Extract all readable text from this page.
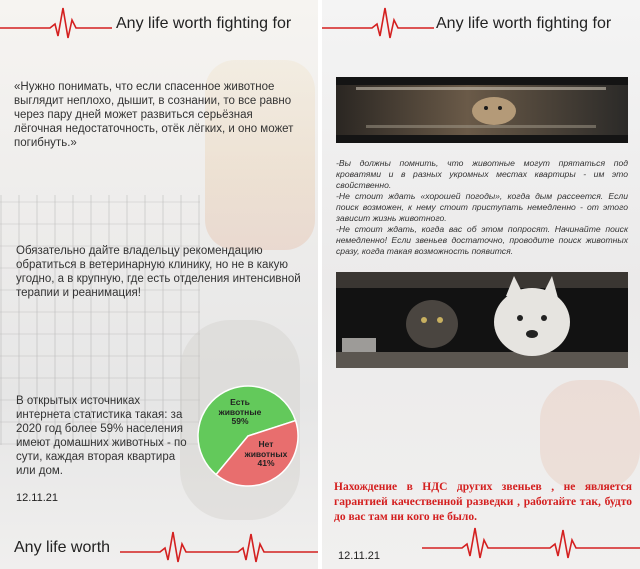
Any life worth fighting for
«Нужно понимать, что если спасенное животное выглядит неплохо, дышит, в сознании, то все равно через пару дней может развиться серьёзная лёгочная недостаточность, отёк лёгких, и оно может погибнуть.»
Обязательно дайте владельцу рекомендацию обратиться в ветеринарную клинику, но не в какую угодно, а в крупную, где есть отделения интенсивной терапии и реанимация!
В открытых источниках интернета статистика такая: за 2020 год более 59% населения имеют домашних животных - по сути, каждая вторая квартира или дом.
Есть животные
59%
Нет животных
41%
12.11.21
Any life worth
Any life worth fighting for

-Вы должны помнить, что животные могут прятаться под кроватями и в разных укромных местах квартиры - им это свойственно.

-Не стоит ждать «хорошей погоды», когда дым рассеется. Если поиск возможен, к нему стоит приступать немедленно - от этого зависит жизнь животного.

-Не стоит ждать, когда вас об этом попросят. Начинайте поиск немедленно! Если звеньев достаточно, проводите поиск животных сразу, когда такая возможность появится.

Нахождение в НДС других звеньев , не является гарантией качественной разведки , работайте так, будто до вас там ни кого не было.
12.11.21
